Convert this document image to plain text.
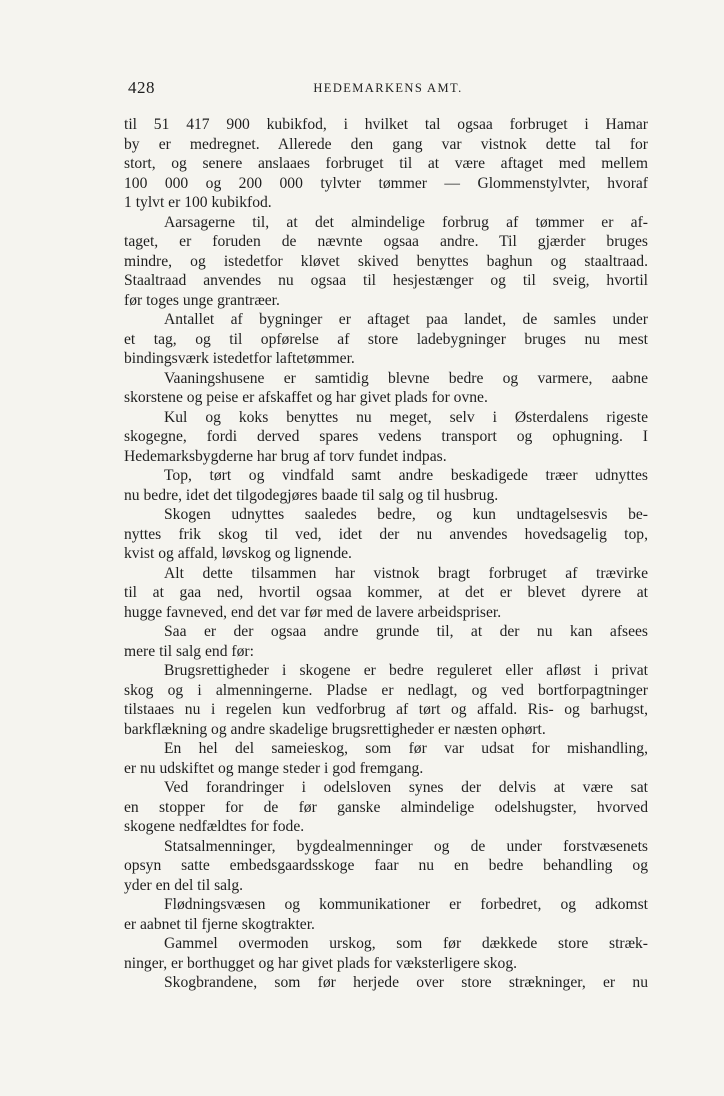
428	HEDEMARKENS AMT.
til 51 417 900 kubikfod, i hvilket tal ogsaa forbruget i Hamar
by er medregnet. Allerede den gang var vistnok dette tal for
stort, og senere anslaaes forbruget til at være aftaget med mellem
100 000 og 200 000 tylvter tømmer — Glommenstylvter, hvoraf
1 tylvt er 100 kubikfod.
Aarsagerne til, at det almindelige forbrug af tømmer er af-
taget, er foruden de nævnte ogsaa andre. Til gjærder bruges
mindre, og istedetfor kløvet skived benyttes baghun og staaltraad.
Staaltraad anvendes nu ogsaa til hesjestænger og til sveig, hvortil
før toges unge grantræer.
Antallet af bygninger er aftaget paa landet, de samles under
et tag, og til opførelse af store ladebygninger bruges nu mest
bindingsværk istedetfor laftetømmer.
Vaaningshusene er samtidig blevne bedre og varmere, aabne
skorstene og peise er afskaffet og har givet plads for ovne.
Kul og koks benyttes nu meget, selv i Østerdalens rigeste
skogegne, fordi derved spares vedens transport og ophugning. I
Hedemarksbygderne har brug af torv fundet indpas.
Top, tørt og vindfald samt andre beskadigede træer udnyttes
nu bedre, idet det tilgodegjøres baade til salg og til husbrug.
Skogen udnyttes saaledes bedre, og kun undtagelsesvis be-
nyttes frik skog til ved, idet der nu anvendes hovedsagelig top,
kvist og affald, løvskog og lignende.
Alt dette tilsammen har vistnok bragt forbruget af trævirke
til at gaa ned, hvortil ogsaa kommer, at det er blevet dyrere at
hugge favneved, end det var før med de lavere arbeidspriser.
Saa er der ogsaa andre grunde til, at der nu kan afsees
mere til salg end før:
Brugsrettigheder i skogene er bedre reguleret eller afløst i privat
skog og i almenningerne. Pladse er nedlagt, og ved bortforpagtninger
tilstaaes nu i regelen kun vedforbrug af tørt og affald. Ris- og barhugst,
barkflækning og andre skadelige brugsrettigheder er næsten ophørt.
En hel del sameieskog, som før var udsat for mishandling,
er nu udskiftet og mange steder i god fremgang.
Ved forandringer i odelsloven synes der delvis at være sat
en stopper for de før ganske almindelige odelshugster, hvorved
skogene nedfældtes for fode.
Statsalmenninger, bygdealmenninger og de under forstvæsenets
opsyn satte embedsgaardsskoge faar nu en bedre behandling og
yder en del til salg.
Flødningsvæsen og kommunikationer er forbedret, og adkomst
er aabnet til fjerne skogtrakter.
Gammel overmoden urskog, som før dækkede store stræk-
ninger, er borthugget og har givet plads for væksterligere skog.
Skogbrandene, som før herjede over store strækninger, er nu
